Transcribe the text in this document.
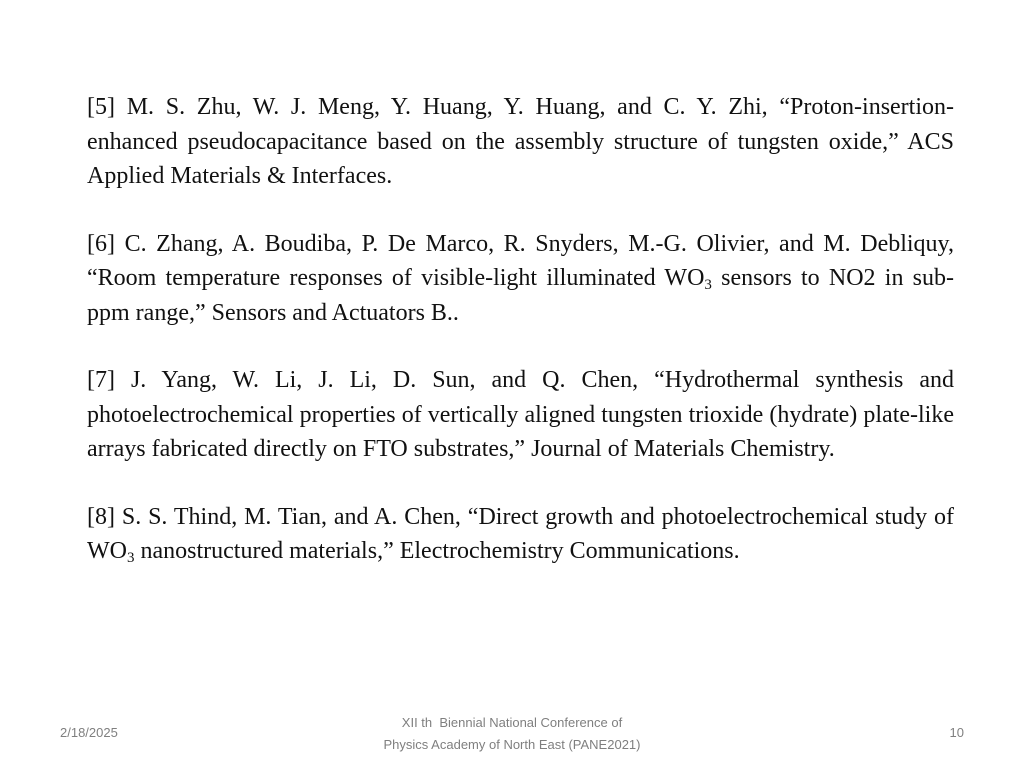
[5] M. S. Zhu, W. J. Meng, Y. Huang, Y. Huang, and C. Y. Zhi, “Proton-insertion-enhanced pseudocapacitance based on the assembly structure of tungsten oxide,” ACS Applied Materials & Interfaces.

[6] C. Zhang, A. Boudiba, P. De Marco, R. Snyders, M.-G. Olivier, and M. Debliquy, “Room temperature responses of visible-light illuminated $WO_3$ sensors to NO2 in sub-ppm range,” Sensors and Actuators B..

[7] J. Yang, W. Li, J. Li, D. Sun, and Q. Chen, “Hydrothermal synthesis and photoelectrochemical properties of vertically aligned tungsten trioxide (hydrate) plate-like arrays fabricated directly on FTO substrates,” Journal of Materials Chemistry.

[8] S. S. Thind, M. Tian, and A. Chen, “Direct growth and photoelectrochemical study of $WO_3$ nanostructured materials,” Electrochemistry Communications.

2/18/2025
XII th  Biennial National Conference of
Physics Academy of North East (PANE2021)
10
